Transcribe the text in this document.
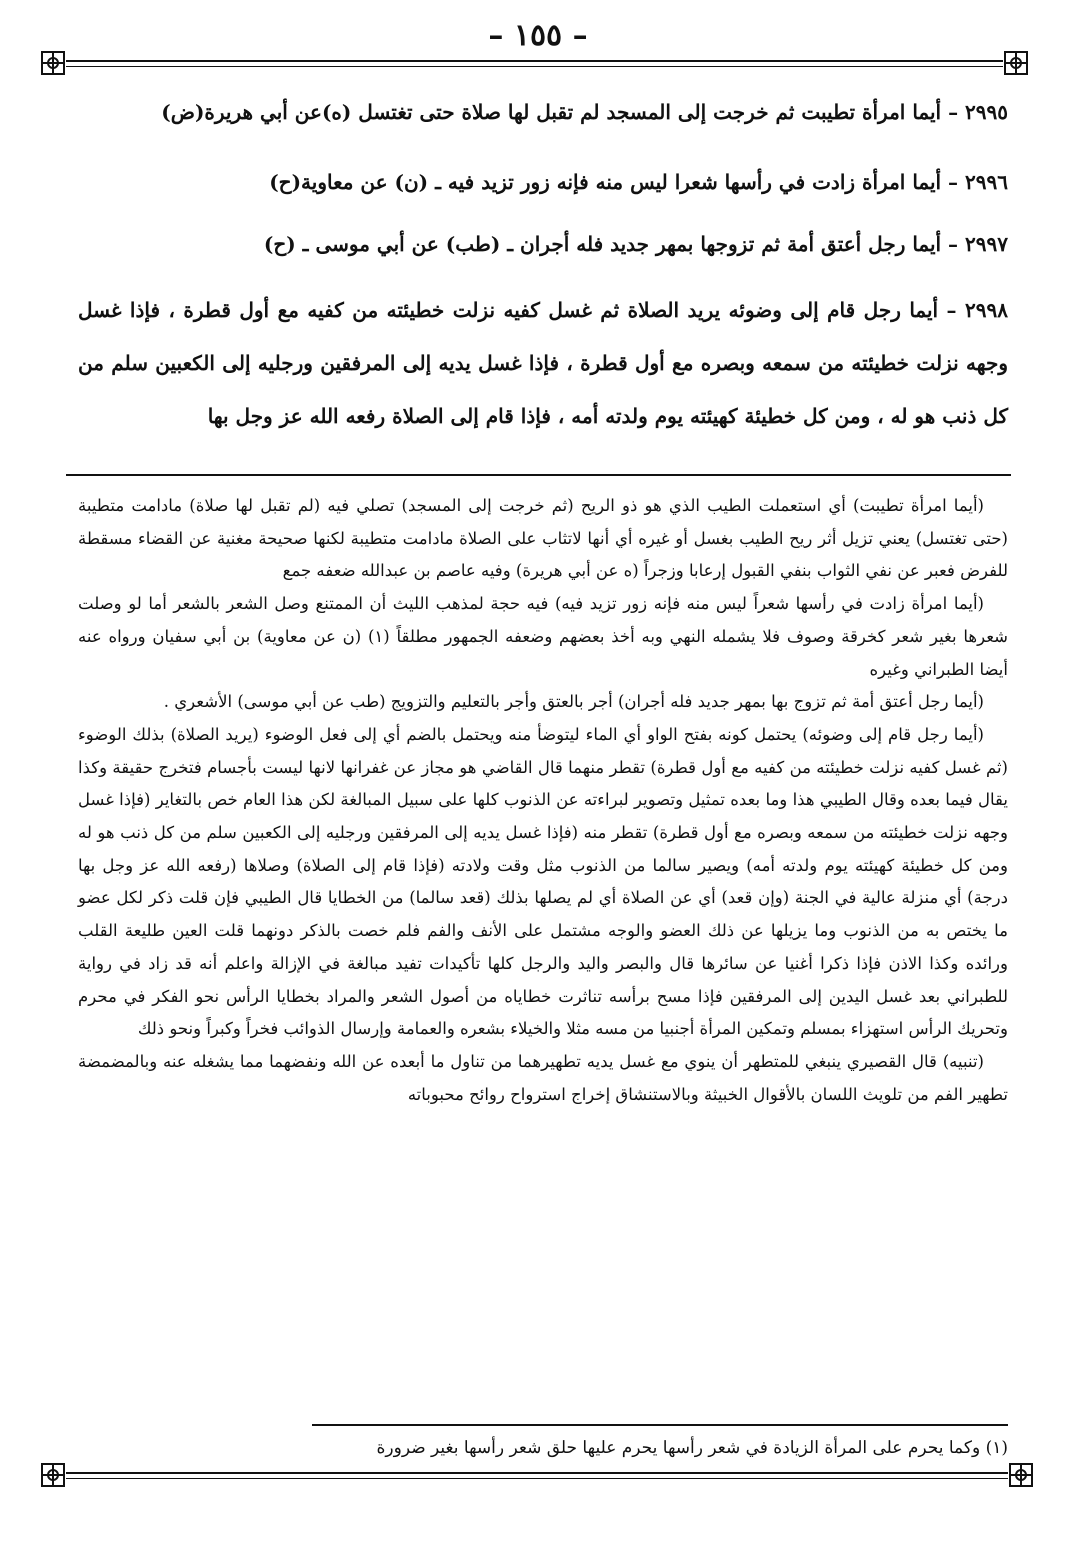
– ١٥٥ –
٢٩٩٥ – أيما امرأة تطيبت ثم خرجت إلى المسجد لم تقبل لها صلاة حتى تغتسل (ه)عن أبي هريرة(ض)
٢٩٩٦ – أيما امرأة زادت في رأسها شعرا ليس منه فإنه زور تزيد فيه ـ (ن) عن معاوية(ح)
٢٩٩٧ – أيما رجل أعتق أمة ثم تزوجها بمهر جديد فله أجران ـ (طب) عن أبي موسى ـ (ح)
٢٩٩٨ – أيما رجل قام إلى وضوئه يريد الصلاة ثم غسل كفيه نزلت خطيئته من كفيه مع أول قطرة ، فإذا غسل وجهه نزلت خطيئته من سمعه وبصره مع أول قطرة ، فإذا غسل يديه إلى المرفقين ورجليه إلى الكعبين سلم من كل ذنب هو له ، ومن كل خطيئة كهيئته يوم ولدته أمه ، فإذا قام إلى الصلاة رفعه الله عز وجل بها

(أيما امرأة تطيبت) أي استعملت الطيب الذي هو ذو الريح (ثم خرجت إلى المسجد) تصلي فيه (لم تقبل لها صلاة) مادامت متطيبة (حتى تغتسل) يعني تزيل أثر ريح الطيب بغسل أو غيره أي أنها لاتثاب على الصلاة مادامت متطيبة لكنها صحيحة مغنية عن القضاء مسقطة للفرض فعبر عن نفي الثواب بنفي القبول إرعابا وزجراً (ه عن أبي هريرة) وفيه عاصم بن عبدالله ضعفه جمع

(أيما امرأة زادت في رأسها شعراً ليس منه فإنه زور تزيد فيه) فيه حجة لمذهب الليث أن الممتنع وصل الشعر بالشعر أما لو وصلت شعرها بغير شعر كخرقة وصوف فلا يشمله النهي وبه أخذ بعضهم وضعفه الجمهور مطلقاً (١) (ن عن معاوية) بن أبي سفيان ورواه عنه أيضا الطبراني وغيره

(أيما رجل أعتق أمة ثم تزوج بها بمهر جديد فله أجران) أجر بالعتق وأجر بالتعليم والتزويج (طب عن أبي موسى) الأشعري .

(أيما رجل قام إلى وضوئه) يحتمل كونه بفتح الواو أي الماء ليتوضأ منه ويحتمل بالضم أي إلى فعل الوضوء (يريد الصلاة) بذلك الوضوء (ثم غسل كفيه نزلت خطيئته من كفيه مع أول قطرة) تقطر منهما قال القاضي هو مجاز عن غفرانها لانها ليست بأجسام فتخرج حقيقة وكذا يقال فيما بعده وقال الطيبي هذا وما بعده تمثيل وتصوير لبراءته عن الذنوب كلها على سبيل المبالغة لكن هذا العام خص بالتغاير (فإذا غسل وجهه نزلت خطيئته من سمعه وبصره مع أول قطرة) تقطر منه (فإذا غسل يديه إلى المرفقين ورجليه إلى الكعبين سلم من كل ذنب هو له ومن كل خطيئة كهيئته يوم ولدته أمه) ويصير سالما من الذنوب مثل وقت ولادته (فإذا قام إلى الصلاة) وصلاها (رفعه الله عز وجل بها درجة) أي منزلة عالية في الجنة (وإن قعد) أي عن الصلاة أي لم يصلها بذلك (قعد سالما) من الخطايا قال الطيبي فإن قلت ذكر لكل عضو ما يختص به من الذنوب وما يزيلها عن ذلك العضو والوجه مشتمل على الأنف والفم فلم خصت بالذكر دونهما قلت العين طليعة القلب ورائده وكذا الاذن فإذا ذكرا أغنيا عن سائرها قال والبصر واليد والرجل كلها تأكيدات تفيد مبالغة في الإزالة واعلم أنه قد زاد في رواية للطبراني بعد غسل اليدين إلى المرفقين فإذا مسح برأسه تناثرت خطاياه من أصول الشعر والمراد بخطايا الرأس نحو الفكر في محرم وتحريك الرأس استهزاء بمسلم وتمكين المرأة أجنبيا من مسه مثلا والخيلاء بشعره والعمامة وإرسال الذوائب فخراً وكبراً ونحو ذلك

(تنبيه) قال القصيري ينبغي للمتطهر أن ينوي مع غسل يديه تطهيرهما من تناول ما أبعده عن الله ونفضهما مما يشغله عنه وبالمضمضة تطهير الفم من تلويث اللسان بالأقوال الخبيثة وبالاستنشاق إخراج استرواح روائح محبوباته

(١) وكما يحرم على المرأة الزيادة في شعر رأسها يحرم عليها حلق شعر رأسها بغير ضرورة
